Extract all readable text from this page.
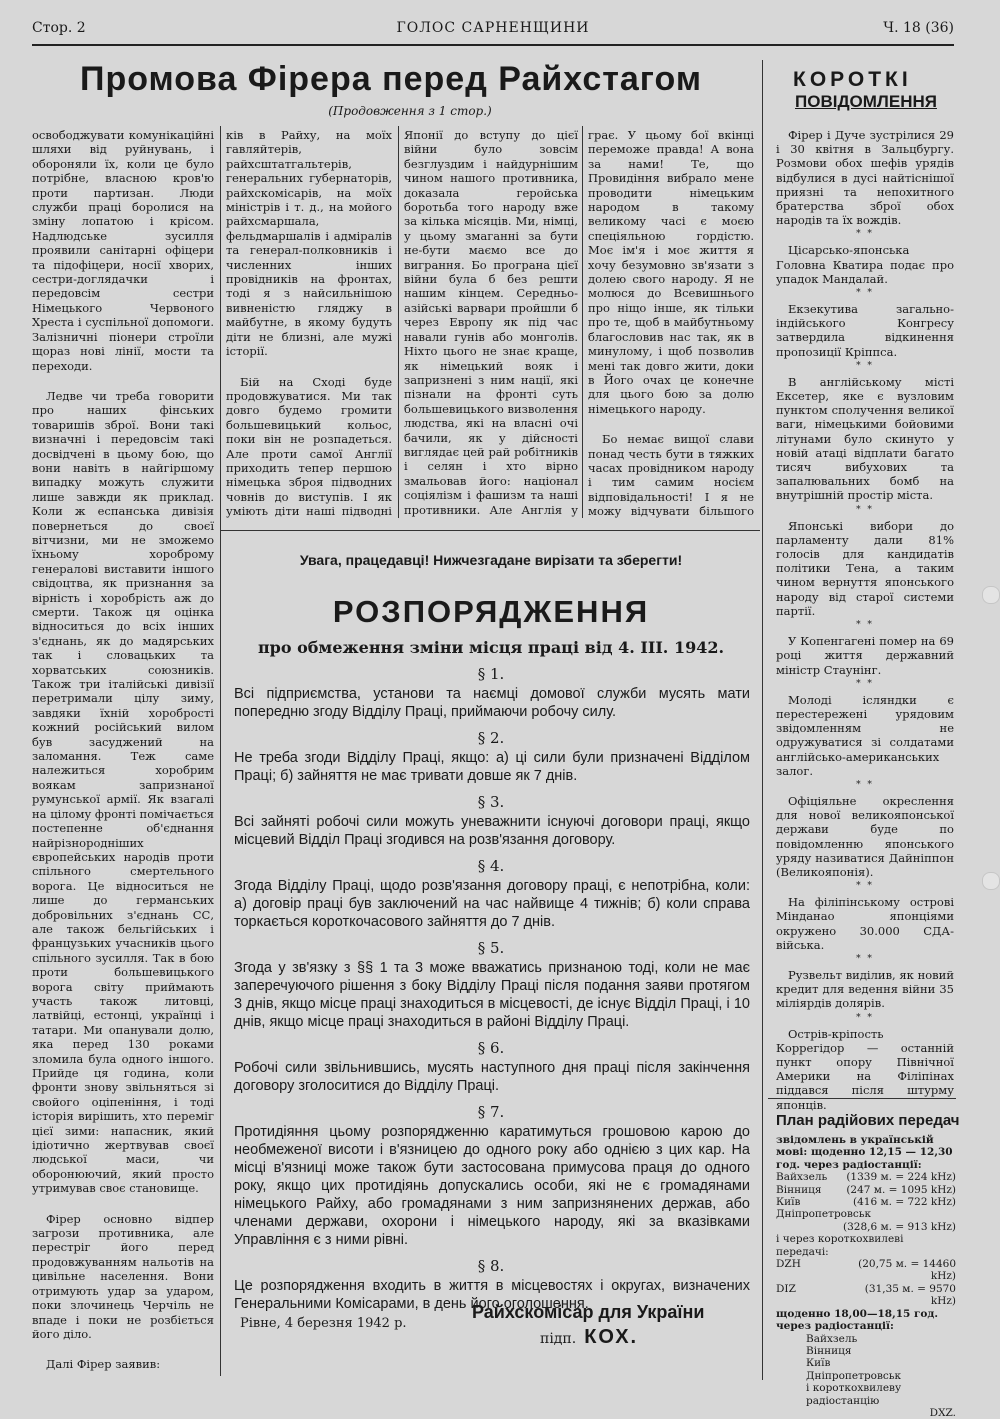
Стор. 2	ГОЛОС САРНЕНЩИНИ	Ч. 18 (36)
Промова Фірера перед Райхстагом
(Продовження з 1 стор.)

освободжувати комунікаційні шляхи від руйнувань, і обороняли їх, коли це було потрібне, власною кров'ю проти партизан. Люди служби праці боролися на зміну лопатою і крісом. Надлюдське зусилля проявили санітарні офіцери та підофіцери, носії хворих, сестри-доглядачки і передовсім сестри Німецького Червоного Хреста і суспільної допомоги. Залізничні піонери строїли щораз нові лінії, мости та переходи.

Ледве чи треба говорити про наших фінських товаришів зброї. Вони такі визначні і передовсім такі досвідчені в цьому бою, що вони навіть в найгіршому випадку можуть служити лише завжди як приклад. Коли ж еспанська дивізія повернеться до своєї вітчизни, ми не зможемо їхньому хороброму генералові виставити іншого свідоцтва, як признання за вірність і хоробрість аж до смерти. Також ця оцінка відноситься до всіх інших з'єднань, як до мадярських так і словацьких та хорватських союзників. Також три італійські дивізії перетримали цілу зиму, завдяки їхній хоробрості кожний російський вилом був засуджений на заломання. Теж саме належиться хоробрим воякам запризнаної румунської армії. Як взагалі на цілому фронті помічається постепенне об'єднання найрізнородніших європейських народів проти спільного смертельного ворога. Це відноситься не лише до германських добровільних з'єднань СС, але також бельгійських і французьких учасників цього спільного зусилля. Так в бою проти большевицького ворога світу приймають участь також литовці, латвійці, естонці, українці і татари. Ми опанували долю, яка перед 130 роками зломила була одного іншого. Прийде ця година, коли фронти знову звільняться зі свойого оціпеніння, і тоді історія вирішить, хто переміг цієї зими: напасник, який ідіотично жертвував своєї людської маси, чи оборонюючий, який просто утримував своє становище.

Фірер основно відпер загрози противника, але перестріг його перед продовжуванням нальотів на цивільне населення. Вони отримують удар за ударом, поки злочинець Черчіль не впаде і поки не розбіється його діло.

Далі Фірер заявив:

ків в Райху, на моїх гавляйтерів, райхсштатгальтерів, генеральних губернаторів, райхскомісарів, на моїх міністрів і т. д., на мойого райхсмаршала, фельдмаршалів і адміралів та генерал-полковників і численних інших провідників на фронтах, тоді я з найсильнішою вивненістю гляджу в майбутне, в якому будуть діти не близні, але мужі історії.

Бій на Сході буде продовжуватися. Ми так довго будемо громити большевицький кольос, поки він не розпадеться. Але проти самої Англії приходить тепер першою німецька зброя підводних човнів до виступів. І як уміють діти наші підводні

Японії до вступу до цієї війни було зовсім безглуздим і найдурнішим чином нашого противника, доказала геройська боротьба того народу вже за кілька місяців. Ми, німці, у цьому змаганні за бути не-бути маємо все до виграння. Бо програна цієї війни була б без решти нашим кінцем. Середньо-азійські варвари пройшли б через Европу як під час навали гунів або монголів. Ніхто цього не знає краще, як німецький вояк і запризнені з ним нації, які пізнали на фронті суть большевицького визволення людства, які на власні очі бачили, як у дійсності виглядає цей рай робітників і селян і хто вірно змальовав його: націонал соціялізм і фашизм та наші противники. Але Англія у

грає. У цьому бої вкінці переможе правда! А вона за нами! Те, що Провидіння вибрало мене проводити німецьким народом в такому великому часі є моєю спеціяльною гордістю. Моє ім'я і моє життя я хочу безумовно зв'язати з долею свого народу. Я не молюся до Всевишнього про ніщо інше, як тільки про те, щоб в майбутньому благословив нас так, як в минулому, і щоб позволив мені так довго жити, доки в Його очах це конечне для цього бою за долю німецького народу.

Бо немає вищої слави понад честь бути в тяжких часах провідником народу і тим самим носієм відповідальності! І я не можу відчувати більшого

Увага, працедавці! Нижчезгадане вирізати та зберегти!
РОЗПОРЯДЖЕННЯ
про обмеження зміни місця праці від 4. ІІІ. 1942.
§ 1.
Всі підприємства, установи та наємці домової служби мусять мати попередню згоду Відділу Праці, приймаючи робочу силу.
§ 2.
Не треба згоди Відділу Праці, якщо: а) ці сили були призначені Відділом Праці; б) зайняття не має тривати довше як 7 днів.
§ 3.
Всі зайняті робочі сили можуть уневажнити існуючі договори праці, якщо місцевий Відділ Праці згодився на розв'язання договору.
§ 4.
Згода Відділу Праці, щодо розв'язання договору праці, є непотрібна, коли: а) договір праці був заключений на час найвище 4 тижнів; б) коли справа торкається короткочасового зайняття до 7 днів.
§ 5.
Згода у зв'язку з §§ 1 та 3 може вважатись признаною тоді, коли не має заперечуючого рішення з боку Відділу Праці після подання заяви протягом 3 днів, якщо місце праці знаходиться в місцевості, де існує Відділ Праці, і 10 днів, якщо місце праці знаходиться в районі Відділу Праці.
§ 6.
Робочі сили звільнившись, мусять наступного дня праці після закінчення договору зголоситися до Відділу Праці.
§ 7.
Протидіяння цьому розпорядженню каратимуться грошовою карою до необмеженої висоти і в'язницею до одного року або однією з цих кар. На місці в'язниці може також бути застосована примусова праця до одного року, якщо цих протидіянь допускались особи, які не є громадянами німецького Райху, або громадянами з ним запризнянених держав, або членами держави, охорони і німецького народу, які за вказівками Управління є з ними рівні.
§ 8.
Це розпорядження входить в життя в місцевостях і округах, визначених Генеральними Комісарами, в день його оголошення.
Рівне, 4 березня 1942 р.
Райхскомісар для України
підп. КОХ.
КОРОТКІ
ПОВІДОМЛЕННЯ

Фірер і Дуче зустрілися 29 і 30 квітня в Зальцбургу. Розмови обох шефів урядів відбулися в дусі найтіснішої приязні та непохитного братерства зброї обох народів та їх вождів.

* *

Цісарсько-японська Головна Кватира подає про упадок Мандалай.

* *

Екзекутива загально-індійського Конгресу затвердила відкинення пропозиції Кріппса.

* *

В англійському місті Ексетер, яке є вузловим пунктом сполучення великої ваги, німецькими бойовими літунами було скинуто у новій атаці відплати багато тисяч вибухових та запалювальних бомб на внутрішній простір міста.

* *

Японські вибори до парламенту дали 81% голосів для кандидатів політики Тена, а таким чином вернуття японського народу від старої системи партії.

* *

У Копенгагені помер на 69 році життя державний міністр Стаунінг.

* *

Молоді ісляндки є перестережені урядовим звідомленням не одружуватися зі солдатами англійсько-американських залог.

* *

Офіціяльне окреслення для нової великояпонської держави буде по повідомленню японського уряду називатися Дайніппон (Великояпонія).

* *

На філіпінському острові Мінданао японціями окружено 30.000 СДА-війська.

* *

Рузвельт виділив, як новий кредит для ведення війни 35 міліярдів долярів.

* *

Острів-кріпость Коррегідор — останній пункт опору Північної Америки на Філіпінах піддався після штурму японців.

План радійових передач
звідомлень в українській мові: щоденно 12,15 — 12,30 год. через радіостанції:
Вайхзель	(1339 м. = 224 kHz)
Вінниця	(247 м. = 1095 kHz)
Київ	(416 м. = 722 kHz)
Дніпропетровськ
(328,6 м. = 913 kHz)
і через короткохвилеві передачі:
DZH	(20,75 м. = 14460 kHz)
DIZ	(31,35 м. = 9570 kHz)
щоденно 18,00—18,15 год. через радіостанції:
Вайхзель
Вінниця
Київ
Дніпропетровськ
і короткохвилеву радіостанцію
DXZ.
